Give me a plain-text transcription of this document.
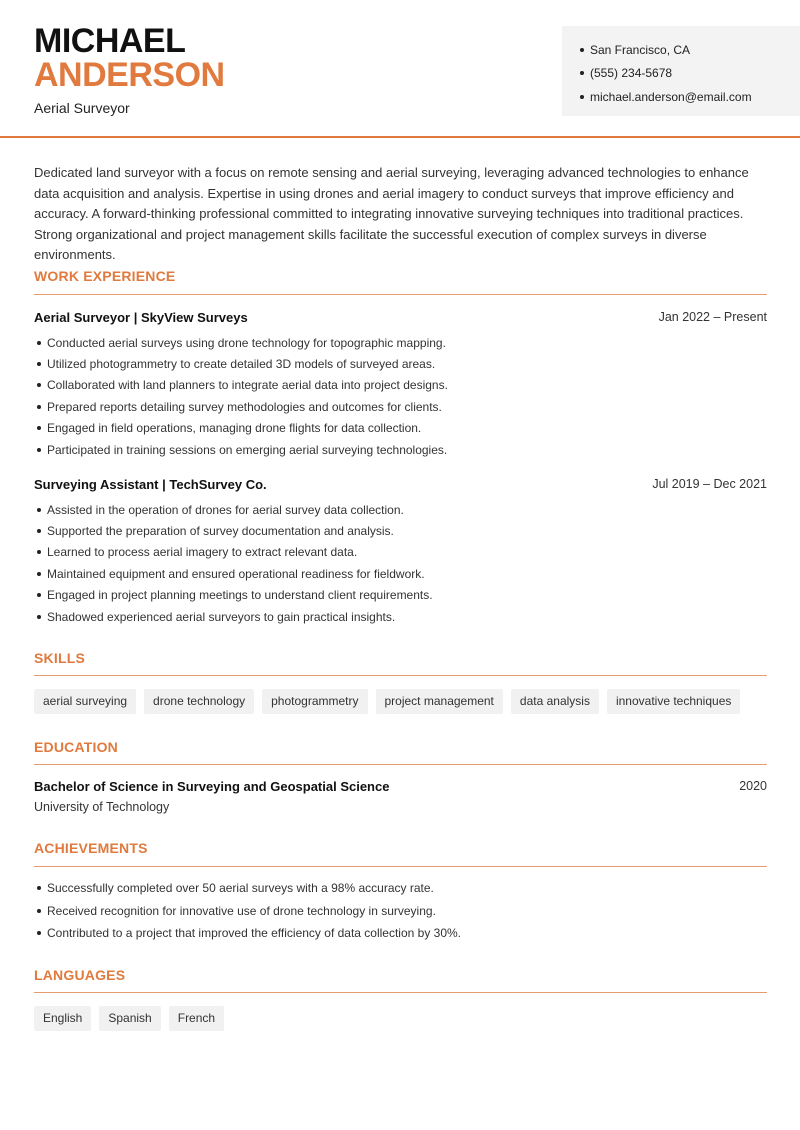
MICHAEL
ANDERSON
Aerial Surveyor
San Francisco, CA
(555) 234-5678
michael.anderson@email.com

Dedicated land surveyor with a focus on remote sensing and aerial surveying, leveraging advanced technologies to enhance data acquisition and analysis. Expertise in using drones and aerial imagery to conduct surveys that improve efficiency and accuracy. A forward-thinking professional committed to integrating innovative surveying techniques into traditional practices. Strong organizational and project management skills facilitate the successful execution of complex surveys in diverse environments.

WORK EXPERIENCE
Aerial Surveyor | SkyView Surveys	Jan 2022 – Present
Conducted aerial surveys using drone technology for topographic mapping.
Utilized photogrammetry to create detailed 3D models of surveyed areas.
Collaborated with land planners to integrate aerial data into project designs.
Prepared reports detailing survey methodologies and outcomes for clients.
Engaged in field operations, managing drone flights for data collection.
Participated in training sessions on emerging aerial surveying technologies.
Surveying Assistant | TechSurvey Co.	Jul 2019 – Dec 2021
Assisted in the operation of drones for aerial survey data collection.
Supported the preparation of survey documentation and analysis.
Learned to process aerial imagery to extract relevant data.
Maintained equipment and ensured operational readiness for fieldwork.
Engaged in project planning meetings to understand client requirements.
Shadowed experienced aerial surveyors to gain practical insights.
SKILLS
aerial surveying	drone technology	photogrammetry	project management	data analysis	innovative techniques
EDUCATION
Bachelor of Science in Surveying and Geospatial Science	2020
University of Technology
ACHIEVEMENTS
Successfully completed over 50 aerial surveys with a 98% accuracy rate.
Received recognition for innovative use of drone technology in surveying.
Contributed to a project that improved the efficiency of data collection by 30%.
LANGUAGES
English	Spanish	French
